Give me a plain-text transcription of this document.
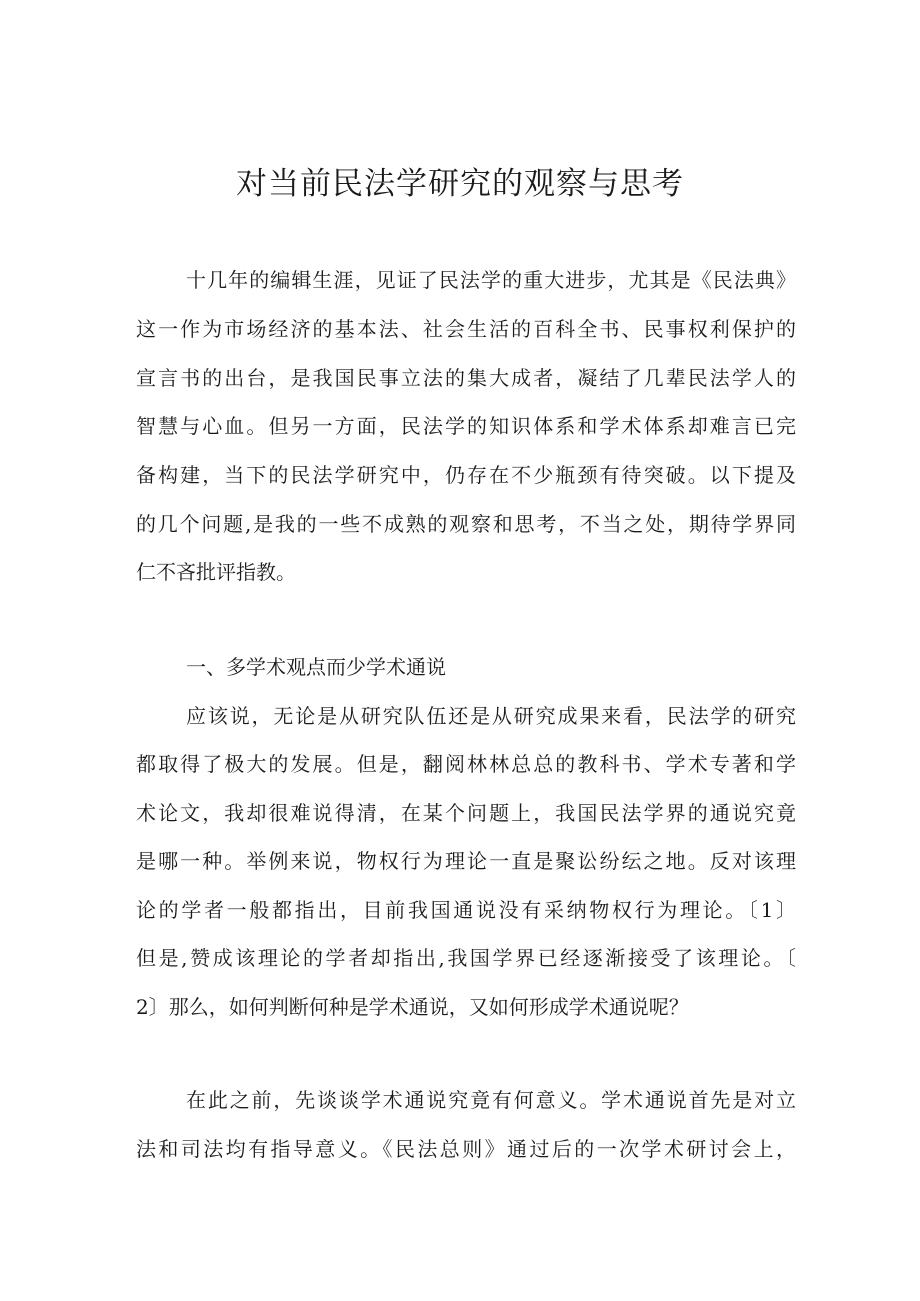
对当前民法学研究的观察与思考
十几年的编辑生涯，见证了民法学的重大进步，尤其是《民法典》
这一作为市场经济的基本法、社会生活的百科全书、民事权利保护的
宣言书的出台，是我国民事立法的集大成者，凝结了几辈民法学人的
智慧与心血。但另一方面，民法学的知识体系和学术体系却难言已完
备构建，当下的民法学研究中，仍存在不少瓶颈有待突破。以下提及
的几个问题,是我的一些不成熟的观察和思考，不当之处，期待学界同
仁不吝批评指教。
一、多学术观点而少学术通说
应该说，无论是从研究队伍还是从研究成果来看，民法学的研究
都取得了极大的发展。但是，翻阅林林总总的教科书、学术专著和学
术论文，我却很难说得清，在某个问题上，我国民法学界的通说究竟
是哪一种。举例来说，物权行为理论一直是聚讼纷纭之地。反对该理
论的学者一般都指出，目前我国通说没有采纳物权行为理论。〔1〕
但是,赞成该理论的学者却指出,我国学界已经逐渐接受了该理论。〔
2〕那么，如何判断何种是学术通说，又如何形成学术通说呢？
在此之前，先谈谈学术通说究竟有何意义。学术通说首先是对立
法和司法均有指导意义。《民法总则》通过后的一次学术研讨会上，
